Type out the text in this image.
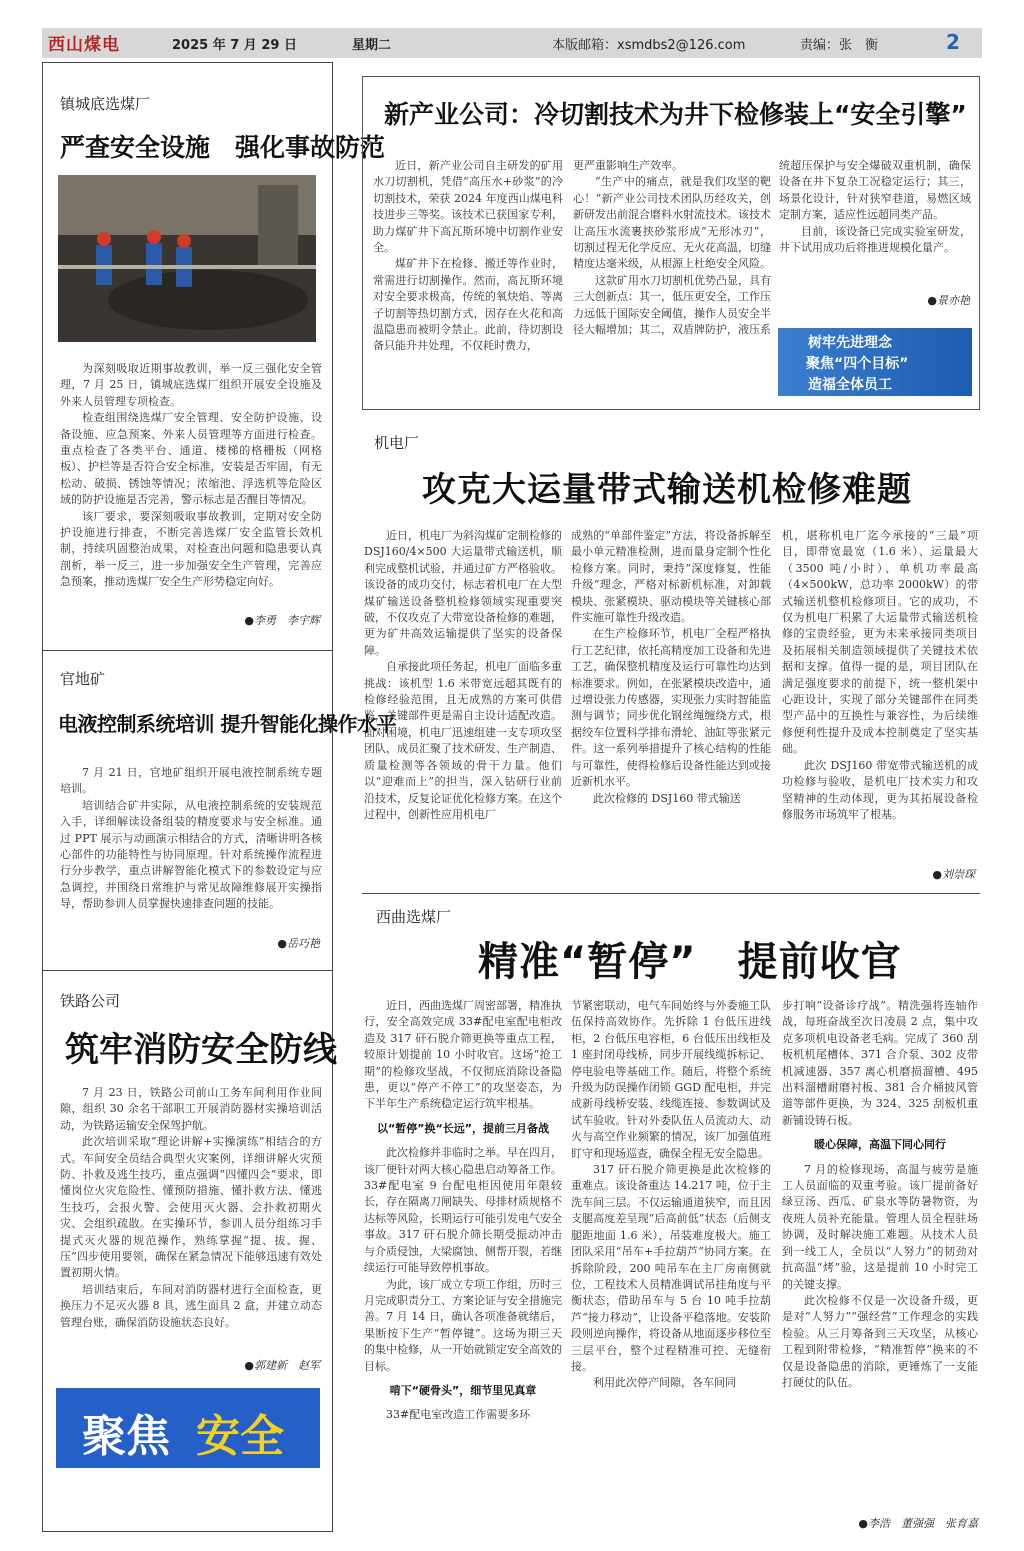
西山煤电	2025 年 7 月 29 日	星期二	本版邮箱：xsmdbs2@126.com	责编：张　衡	2
镇城底选煤厂
严查安全设施　强化事故防范

为深刻吸取近期事故教训，举一反三强化安全管理，7 月 25 日，镇城底选煤厂组织开展安全设施及外来人员管理专项检查。

检查组围绕选煤厂安全管理、安全防护设施、设备设施、应急预案、外来人员管理等方面进行检查。重点检查了各类平台、通道、楼梯的格栅板（网格板）、护栏等是否符合安全标准，安装是否牢固，有无松动、破损、锈蚀等情况；浓缩池、浮选机等危险区域的防护设施是否完善，警示标志是否醒目等情况。

该厂要求，要深刻吸取事故教训，定期对安全防护设施进行排查，不断完善选煤厂安全监管长效机制，持续巩固整治成果，对检查出问题和隐患要认真剖析，举一反三，进一步加强安全生产管理，完善应急预案，推动选煤厂安全生产形势稳定向好。

●李勇　李宇辉
官地矿
电液控制系统培训 提升智能化操作水平

7 月 21 日，官地矿组织开展电液控制系统专题培训。

培训结合矿井实际，从电液控制系统的安装规范入手，详细解读设备组装的精度要求与安全标准。通过 PPT 展示与动画演示相结合的方式，清晰讲明各核心部件的功能特性与协同原理。针对系统操作流程进行分步教学，重点讲解智能化模式下的参数设定与应急调控，并围绕日常维护与常见故障维修展开实操指导，帮助参训人员掌握快速排查问题的技能。

●岳巧艳
铁路公司
筑牢消防安全防线

7 月 23 日，铁路公司前山工务车间利用作业间隙，组织 30 余名干部职工开展消防器材实操培训活动，为铁路运输安全保驾护航。

此次培训采取“理论讲解+实操演练”相结合的方式。车间安全员结合典型火灾案例，详细讲解火灾预防、扑救及逃生技巧，重点强调“四懂四会”要求，即懂岗位火灾危险性、懂预防措施、懂扑救方法、懂逃生技巧，会报火警、会使用灭火器、会扑救初期火灾、会组织疏散。在实操环节，参训人员分组练习手提式灭火器的规范操作，熟练掌握“提、拔、握、压”四步使用要领，确保在紧急情况下能够迅速有效处置初期火情。

培训结束后，车间对消防器材进行全面检查，更换压力不足灭火器 8 具，逃生面具 2 盒，并建立动态管理台账，确保消防设施状态良好。

●郭建新　赵军
聚焦 安全
新产业公司：冷切割技术为井下检修装上“安全引擎”

近日，新产业公司自主研发的矿用水刀切割机，凭借“高压水+砂浆”的冷切割技术，荣获 2024 年度西山煤电科技进步三等奖。该技术已获国家专利，助力煤矿井下高瓦斯环境中切割作业安全。

煤矿井下在检修、搬迁等作业时，常需进行切割操作。然而，高瓦斯环境对安全要求极高，传统的氧炔焰、等离子切割等热切割方式，因存在火花和高温隐患而被明令禁止。此前，待切割设备只能升井处理，不仅耗时费力，

更严重影响生产效率。

“生产中的痛点，就是我们攻坚的靶心！”新产业公司技术团队历经攻关，创新研发出前混合磨料水射流技术。该技术让高压水流裹挟砂浆形成“无形冰刃”，切割过程无化学反应、无火花高温，切缝精度达毫米级，从根源上杜绝安全风险。

这款矿用水刀切割机优势凸显，具有三大创新点：其一，低压更安全，工作压力远低于国际安全阈值，操作人员安全半径大幅增加；其二，双盾牌防护，液压系

统超压保护与安全爆破双重机制，确保设备在井下复杂工况稳定运行；其三，场景化设计，针对狭窄巷道，易燃区域定制方案，适应性远超同类产品。

目前，该设备已完成实验室研发，井下试用成功后将推进规模化量产。

●景亦艳
树牢先进理念
聚焦“四个目标”
造福全体员工
机电厂
攻克大运量带式输送机检修难题

近日，机电厂为斜沟煤矿定制检修的 DSJ160/4×500 大运量带式输送机，顺利完成整机试验，并通过矿方严格验收。该设备的成功交付，标志着机电厂在大型煤矿输送设备整机检修领域实现重要突破，不仅攻克了大带宽设备检修的难题，更为矿井高效运输提供了坚实的设备保障。

自承接此项任务起，机电厂面临多重挑战：该机型 1.6 米带宽远超其既有的检修经验范围，且无成熟的方案可供借鉴，关键部件更是需自主设计适配改造。面对困境，机电厂迅速组建一支专项攻坚团队，成员汇聚了技术研发、生产制造、质量检测等各领域的骨干力量。他们以“迎难而上”的担当，深入钻研行业前沿技术，反复论证优化检修方案。在这个过程中，创新性应用机电厂

成熟的“单部件鉴定”方法，将设备拆解至最小单元精准检测，进而量身定制个性化检修方案。同时，秉持“深度修复，性能升级”理念，严格对标新机标准，对卸载模块、张紧模块、驱动模块等关键核心部件实施可靠性升级改造。

在生产检修环节，机电厂全程严格执行工艺纪律，依托高精度加工设备和先进工艺，确保整机精度及运行可靠性均达到标准要求。例如，在张紧模块改造中，通过增设张力传感器，实现张力实时智能监测与调节；同步优化钢丝绳缠绕方式，根据绞车位置科学排布滑轮、油缸等张紧元件。这一系列举措提升了核心结构的性能与可靠性，使得检修后设备性能达到或接近新机水平。

此次检修的 DSJ160 带式输送

机，堪称机电厂迄今承接的“三最”项目，即带宽最宽（1.6 米）、运量最大（3500 吨/小时）、单机功率最高（4×500kW，总功率 2000kW）的带式输送机整机检修项目。它的成功，不仅为机电厂积累了大运量带式输送机检修的宝贵经验，更为未来承接同类项目及拓展相关制造领域提供了关键技术依据和支撑。值得一提的是，项目团队在满足强度要求的前提下，统一整机架中心距设计，实现了部分关键部件在同类型产品中的互换性与兼容性，为后续维修便利性提升及成本控制奠定了坚实基础。

此次 DSJ160 带宽带式输送机的成功检修与验收，是机电厂技术实力和攻坚精神的生动体现，更为其拓展设备检修服务市场筑牢了根基。

●刘崇琛
西曲选煤厂
精准“暂停”　提前收官

近日，西曲选煤厂周密部署，精准执行，安全高效完成 33#配电室配电柜改造及 317 矸石脱介筛更换等重点工程，较原计划提前 10 小时收官。这场“抢工期”的检修攻坚战，不仅彻底消除设备隐患，更以“停产不停工”的攻坚姿态，为下半年生产系统稳定运行筑牢根基。

以“暂停”换“长远”，提前三月备战

此次检修并非临时之举。早在四月，该厂便针对两大核心隐患启动筹备工作。33#配电室 9 台配电柜因使用年限较长，存在隔离刀闸缺失、母排材质规格不达标等风险，长期运行可能引发电气安全事故。317 矸石脱介筛长期受振动冲击与介质侵蚀，大梁腐蚀、侧帮开裂，若继续运行可能导致停机事故。

为此，该厂成立专项工作组，历时三月完成职责分工、方案论证与安全措施完善。7 月 14 日，确认各项准备就绪后，果断按下生产“暂停键”。这场为期三天的集中检修，从一开始就锁定安全高效的目标。

啃下“硬骨头”，细节里见真章

33#配电室改造工作需要多环

节紧密联动，电气车间始终与外委施工队伍保持高效协作。先拆除 1 台低压进线柜，2 台低压电容柜，6 台低压出线柜及 1 座封闭母线桥，同步开展线缆拆标记、停电验电等基础工作。随后，将整个系统升级为防误操作闭锁 GGD 配电柜，并完成新母线桥安装、线缆连接、参数调试及试车验收。针对外委队伍人员流动大、动火与高空作业频繁的情况，该厂加强值班盯守和现场巡查，确保全程无安全隐患。

317 矸石脱介筛更换是此次检修的重难点。该设备重达 14.217 吨，位于主洗车间三层。不仅运输通道狭窄，而且因支腿高度差呈现“后高前低”状态（后侧支腿距地面 1.6 米），吊装难度极大。施工团队采用“吊车+手拉葫芦”协同方案。在拆除阶段，200 吨吊车在主厂房南侧就位，工程技术人员精准调试吊挂角度与平衡状态，借助吊车与 5 台 10 吨手拉葫芦“接力移动”，让设备平稳落地。安装阶段则逆向操作，将设备从地面逐步移位至三层平台，整个过程精准可控、无缝衔接。

利用此次停产间隙，各车间同

步打响“设备诊疗战”。精洗强将连轴作战，每班奋战至次日凌晨 2 点，集中攻克多项机电设备老毛病。完成了 360 刮板机机尾槽体、371 合介泵、302 皮带机减速器、357 离心机磨损溜槽、495 出料溜槽耐磨衬板、381 合介桶披风管道等部件更换，为 324、325 刮板机重新铺设铸石板。

暖心保障，高温下同心同行

7 月的检修现场，高温与疲劳是施工人员面临的双重考验。该厂提前备好绿豆汤、西瓜、矿泉水等防暑物资，为夜班人员补充能量。管理人员全程驻场协调，及时解决施工难题。从技术人员到一线工人，全员以“人努力”的韧劲对抗高温“烤”验，这是提前 10 小时完工的关键支撑。

此次检修不仅是一次设备升级，更是对“人努力”“强经营”工作理念的实践检验。从三月筹备到三天攻坚，从核心工程到附带检修，“精准暂停”换来的不仅是设备隐患的消除，更锤炼了一支能打硬仗的队伍。

●李浩　董强强　张育嘉
